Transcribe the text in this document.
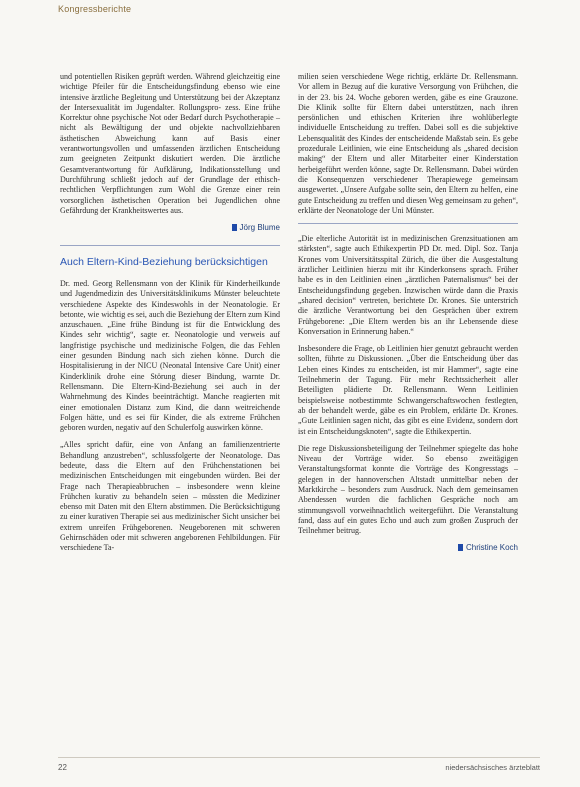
Kongressberichte

und potentiellen Risiken geprüft werden. Während gleichzeitig eine wichtige Pfeiler für die Entscheidungsfindung ebenso wie eine intensive ärztliche Begleitung und Unterstützung bei der Akzeptanz der Intersexualität im Jugendalter. Rollungspro- zess. Eine frühe Korrektur ohne psychische Not oder Bedarf durch Psychotherapie – nicht als Bewältigung der und objekte nachvollziehbaren ästhetischen Abweichung kann auf Basis einer verantwortungsvollen und umfassenden ärztlichen Entscheidung zum geeigneten Zeitpunkt diskutiert werden. Die ärztliche Gesamtverantwortung für Aufklärung, Indikationsstellung und Durchführung schließt jedoch auf der Grundlage der ethisch-rechtlichen Verpflichtungen zum Wohl die Grenze einer rein vorsorglichen ästhetischen Operation bei Jugendlichen ohne Gefährdung der Krankheitswertes aus.

Jörg Blume
Auch Eltern-Kind-Beziehung berücksichtigen

Dr. med. Georg Rellensmann von der Klinik für Kinderheilkunde und Jugendmedizin des Universitätsklinikums Münster beleuchtete verschiedene Aspekte des Kindeswohls in der Neonatologie. Er betonte, wie wichtig es sei, auch die Beziehung der Eltern zum Kind anzuschauen. „Eine frühe Bindung ist für die Entwicklung des Kindes sehr wichtig“, sagte er. Neonatologie und verweis auf langfristige psychische und medizinische Folgen, die das Fehlen einer gesunden Bindung nach sich ziehen könne. Durch die Hospitalisierung in der NICU (Neonatal Intensive Care Unit) einer Kinderklinik drohe eine Störung dieser Bindung, warnte Dr. Rellensmann. Die Eltern-Kind-Beziehung sei auch in der Wahrnehmung des Kindes beeinträchtigt. Manche reagierten mit einer emotionalen Distanz zum Kind, die dann weitreichende Folgen hätte, und es sei für Kinder, die als extreme Frühchen geboren wurden, negativ auf den Schulerfolg auswirken könne.

„Alles spricht dafür, eine von Anfang an familienzentrierte Behandlung anzustreben“, schlussfolgerte der Neonatologe. Das bedeute, dass die Eltern auf den Frühchenstationen bei medizinischen Entscheidungen mit eingebunden würden. Bei der Frage nach Therapieabbruchen – insbesondere wenn kleine Frühchen kurativ zu behandeln seien – müssten die Mediziner ebenso mit Daten mit den Eltern abstimmen. Die Berücksichtigung zu einer kurativen Therapie sei aus medizinischer Sicht unsicher bei extrem unreifen Frühgeborenen. Neugeborenen mit schweren Gehirnschäden oder mit schweren angeborenen Fehlbildungen. Für verschiedene Ta-

milien seien verschiedene Wege richtig, erklärte Dr. Rellensmann. Vor allem in Bezug auf die kurative Versorgung von Frühchen, die in der 23. bis 24. Woche geboren werden, gäbe es eine Grauzone. Die Klinik sollte für Eltern dabei unterstützen, nach ihren persönlichen und ethischen Kriterien ihre wohlüberlegte individuelle Entscheidung zu treffen. Dabei soll es die subjektive Lebensqualität des Kindes der entscheidende Maßstab sein. Es gebe prozedurale Leitlinien, wie eine Entscheidung als „shared decision making“ der Eltern und aller Mitarbeiter einer Kinderstation herbeigeführt werden könne, sagte Dr. Rellensmann. Dabei würden die Konsequenzen verschiedener Therapiewege gemeinsam ausgewertet. „Unsere Aufgabe sollte sein, den Eltern zu helfen, eine gute Entscheidung zu treffen und diesen Weg gemeinsam zu gehen“, erklärte der Neonatologe der Uni Münster.

„Die elterliche Autorität ist in medizinischen Grenzsituationen am stärksten“, sagte auch Ethikexpertin PD Dr. med. Dipl. Soz. Tanja Krones vom Universitätsspital Zürich, die über die Ausgestaltung ärztlicher Leitlinien hierzu mit ihr Kinderkonsens sprach. Früher habe es in den Leitlinien einen „ärztlichen Paternalismus“ bei der Entscheidungsfindung gegeben. Inzwischen würde dann die Praxis „shared decision“ vertreten, berichtete Dr. Krones. Sie unterstrich die ärztliche Verantwortung bei den Gesprächen über extrem Frühgeborene: „Die Eltern werden bis an ihr Lebensende diese Konversation in Erinnerung haben.“

Insbesondere die Frage, ob Leitlinien hier genutzt gebraucht werden sollten, führte zu Diskussionen. „Über die Entscheidung über das Leben eines Kindes zu entscheiden, ist mir Hammer“, sagte eine Teilnehmerin der Tagung. Für mehr Rechtssicherheit aller Beteiligten plädierte Dr. Rellensmann. Wenn Leitlinien beispielsweise notbestimmte Schwangerschaftswochen festlegten, ab der behandelt werde, gäbe es ein Problem, erklärte Dr. Krones. „Gute Leitlinien sagen nicht, das gibt es eine Evidenz, sondern dort ist ein Entscheidungsknoten“, sagte die Ethikexpertin.

Die rege Diskussionsbeteiligung der Teilnehmer spiegelte das hohe Niveau der Vorträge wider. So ebenso zweitägigen Veranstaltungsformat konnte die Vorträge des Kongresstags – gelegen in der hannoverschen Altstadt unmittelbar neben der Marktkirche – besonders zum Ausdruck. Nach dem gemeinsamen Abendessen wurden die fachlichen Gespräche noch am stimmungsvoll vorweihnachtlich weitergeführt. Die Veranstaltung fand, dass auf ein gutes Echo und auch zum großen Zuspruch der Teilnehmer beitrug.

Christine Koch
22	niedersächsisches ärzteblatt
